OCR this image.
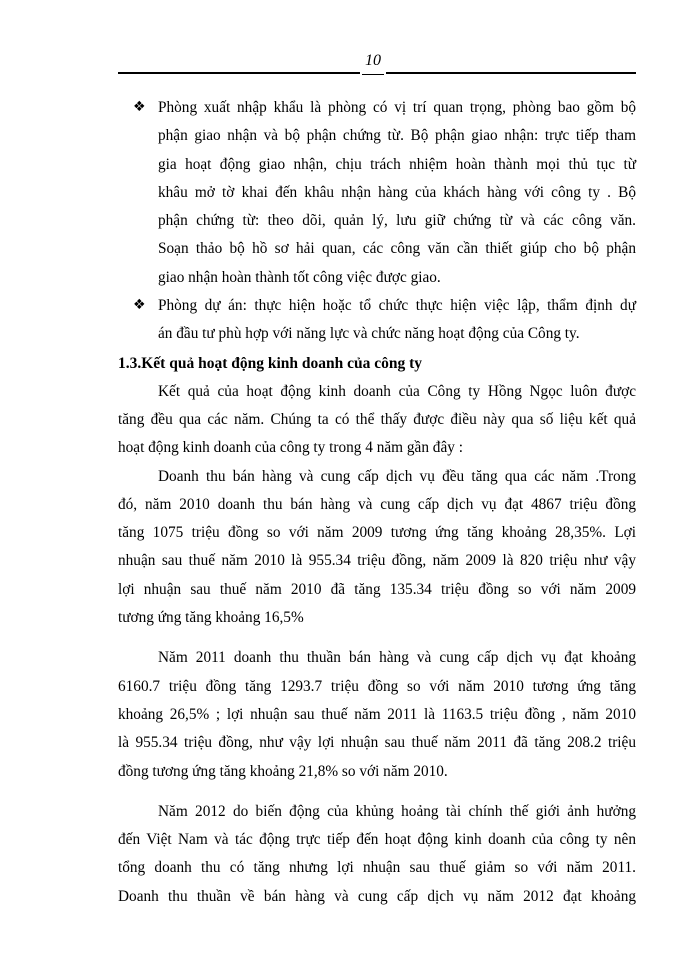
10
❖ Phòng xuất nhập khẩu là phòng có vị trí quan trọng, phòng bao gồm bộ
phận giao nhận và bộ phận chứng từ. Bộ phận giao nhận: trực tiếp tham
gia hoạt động giao nhận, chịu trách nhiệm hoàn thành mọi thủ tục từ
khâu mở tờ khai đến khâu nhận hàng của khách hàng với công ty . Bộ
phận chứng từ: theo dõi, quản lý, lưu giữ chứng từ và các công văn.
Soạn thảo bộ hồ sơ hải quan, các công văn cần thiết giúp cho bộ phận
giao nhận hoàn thành tốt công việc được giao.
❖ Phòng dự án: thực hiện hoặc tổ chức thực hiện việc lập, thẩm định dự
án đầu tư phù hợp với năng lực và chức năng hoạt động của Công ty.
1.3.Kết quả hoạt động kinh doanh của công ty
Kết quả của hoạt động kinh doanh của Công ty Hồng Ngọc luôn được
tăng đều qua các năm. Chúng ta có thể thấy được điều này qua số liệu kết quả
hoạt động kinh doanh của công ty trong 4 năm gần đây :
Doanh thu bán hàng và cung cấp dịch vụ đều tăng qua các năm .Trong
đó, năm 2010 doanh thu bán hàng và cung cấp dịch vụ đạt 4867 triệu đồng
tăng 1075 triệu đồng so với năm 2009 tương ứng tăng khoảng 28,35%. Lợi
nhuận sau thuế năm 2010 là 955.34 triệu đồng, năm 2009 là 820 triệu như vậy
lợi nhuận sau thuế năm 2010 đã tăng 135.34 triệu đồng so với năm 2009
tương ứng tăng khoảng 16,5%
Năm 2011 doanh thu thuần bán hàng và cung cấp dịch vụ đạt khoảng
6160.7 triệu đồng tăng 1293.7 triệu đồng so với năm 2010 tương ứng tăng
khoảng 26,5% ; lợi nhuận sau thuế năm 2011 là 1163.5 triệu đồng , năm 2010
là 955.34 triệu đồng, như vậy lợi nhuận sau thuế năm 2011 đã tăng 208.2 triệu
đồng tương ứng tăng khoảng 21,8% so với năm 2010.
Năm 2012 do biến động của khủng hoảng tài chính thế giới ảnh hưởng
đến Việt Nam và tác động trực tiếp đến hoạt động kinh doanh của công ty nên
tổng doanh thu có tăng nhưng lợi nhuận sau thuế giảm so với năm 2011.
Doanh thu thuần về bán hàng và cung cấp dịch vụ năm 2012 đạt khoảng
